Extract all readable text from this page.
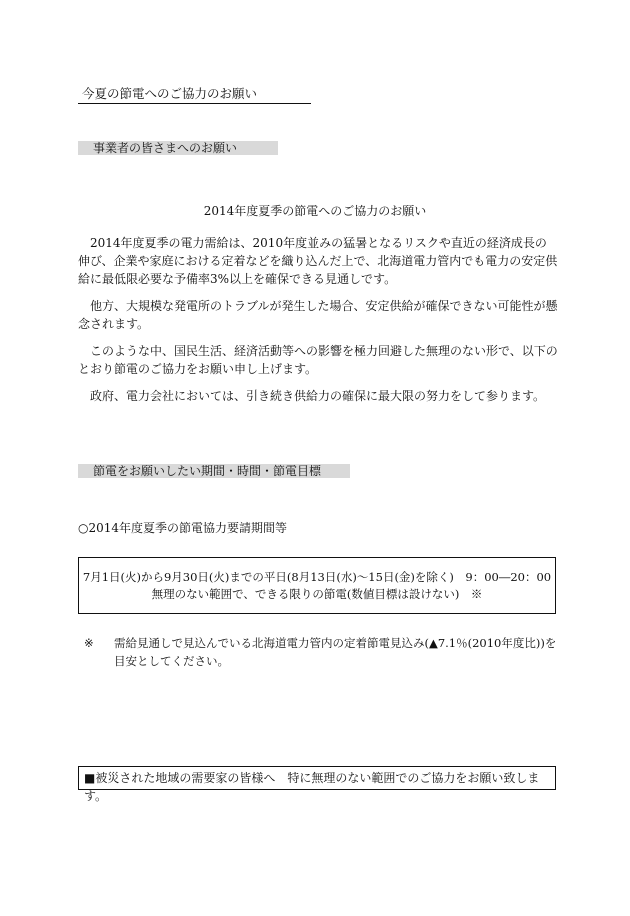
今夏の節電へのご協力のお願い
事業者の皆さまへのお願い
2014年度夏季の節電へのご協力のお願い

2014年度夏季の電力需給は、2010年度並みの猛暑となるリスクや直近の経済成長の伸び、企業や家庭における定着などを織り込んだ上で、北海道電力管内でも電力の安定供給に最低限必要な予備率3%以上を確保できる見通しです。

他方、大規模な発電所のトラブルが発生した場合、安定供給が確保できない可能性が懸念されます。

このような中、国民生活、経済活動等への影響を極力回避した無理のない形で、以下のとおり節電のご協力をお願い申し上げます。

政府、電力会社においては、引き続き供給力の確保に最大限の努力をして参ります。

節電をお願いしたい期間・時間・節電目標
○2014年度夏季の節電協力要請期間等
7月1日(火)から9月30日(火)までの平日(8月13日(水)～15日(金)を除く)　9：00―20：00
無理のない範囲で、できる限りの節電(数値目標は設けない)　※
※	需給見通しで見込んでいる北海道電力管内の定着節電見込み(▲7.1％(2010年度比))を目安としてください。
■被災された地域の需要家の皆様へ　特に無理のない範囲でのご協力をお願い致します。
